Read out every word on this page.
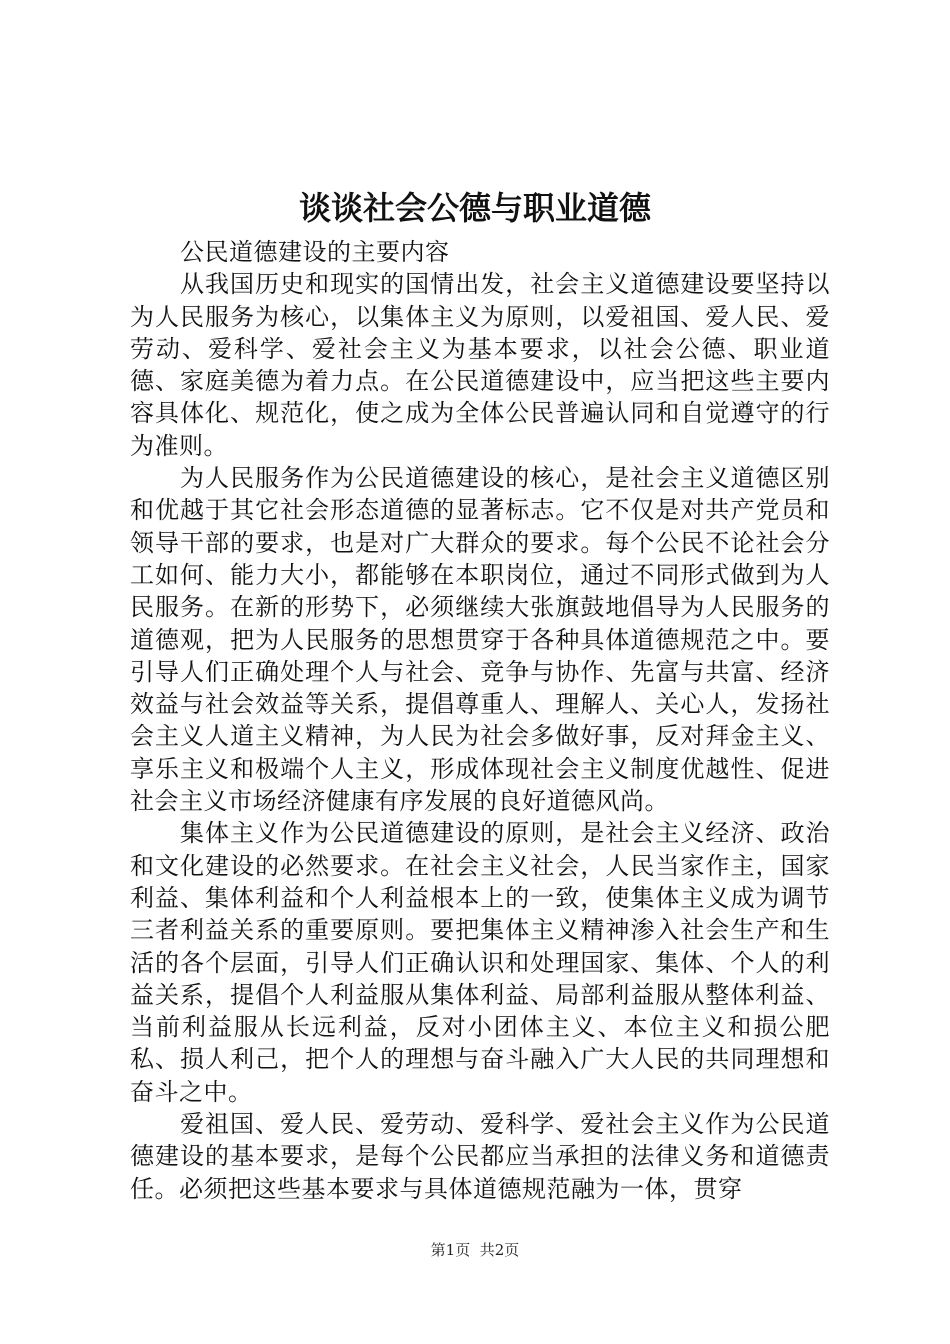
谈谈社会公德与职业道德

公民道德建设的主要内容

从我国历史和现实的国情出发，社会主义道德建设要坚持以为人民服务为核心，以集体主义为原则，以爱祖国、爱人民、爱劳动、爱科学、爱社会主义为基本要求，以社会公德、职业道德、家庭美德为着力点。在公民道德建设中，应当把这些主要内容具体化、规范化，使之成为全体公民普遍认同和自觉遵守的行为准则。

为人民服务作为公民道德建设的核心，是社会主义道德区别和优越于其它社会形态道德的显著标志。它不仅是对共产党员和领导干部的要求，也是对广大群众的要求。每个公民不论社会分工如何、能力大小，都能够在本职岗位，通过不同形式做到为人民服务。在新的形势下，必须继续大张旗鼓地倡导为人民服务的道德观，把为人民服务的思想贯穿于各种具体道德规范之中。要引导人们正确处理个人与社会、竞争与协作、先富与共富、经济效益与社会效益等关系，提倡尊重人、理解人、关心人，发扬社会主义人道主义精神，为人民为社会多做好事，反对拜金主义、享乐主义和极端个人主义，形成体现社会主义制度优越性、促进社会主义市场经济健康有序发展的良好道德风尚。

集体主义作为公民道德建设的原则，是社会主义经济、政治和文化建设的必然要求。在社会主义社会，人民当家作主，国家利益、集体利益和个人利益根本上的一致，使集体主义成为调节三者利益关系的重要原则。要把集体主义精神渗入社会生产和生活的各个层面，引导人们正确认识和处理国家、集体、个人的利益关系，提倡个人利益服从集体利益、局部利益服从整体利益、当前利益服从长远利益，反对小团体主义、本位主义和损公肥私、损人利己，把个人的理想与奋斗融入广大人民的共同理想和奋斗之中。

爱祖国、爱人民、爱劳动、爱科学、爱社会主义作为公民道德建设的基本要求，是每个公民都应当承担的法律义务和道德责任。必须把这些基本要求与具体道德规范融为一体，贯穿

第1页 共2页
